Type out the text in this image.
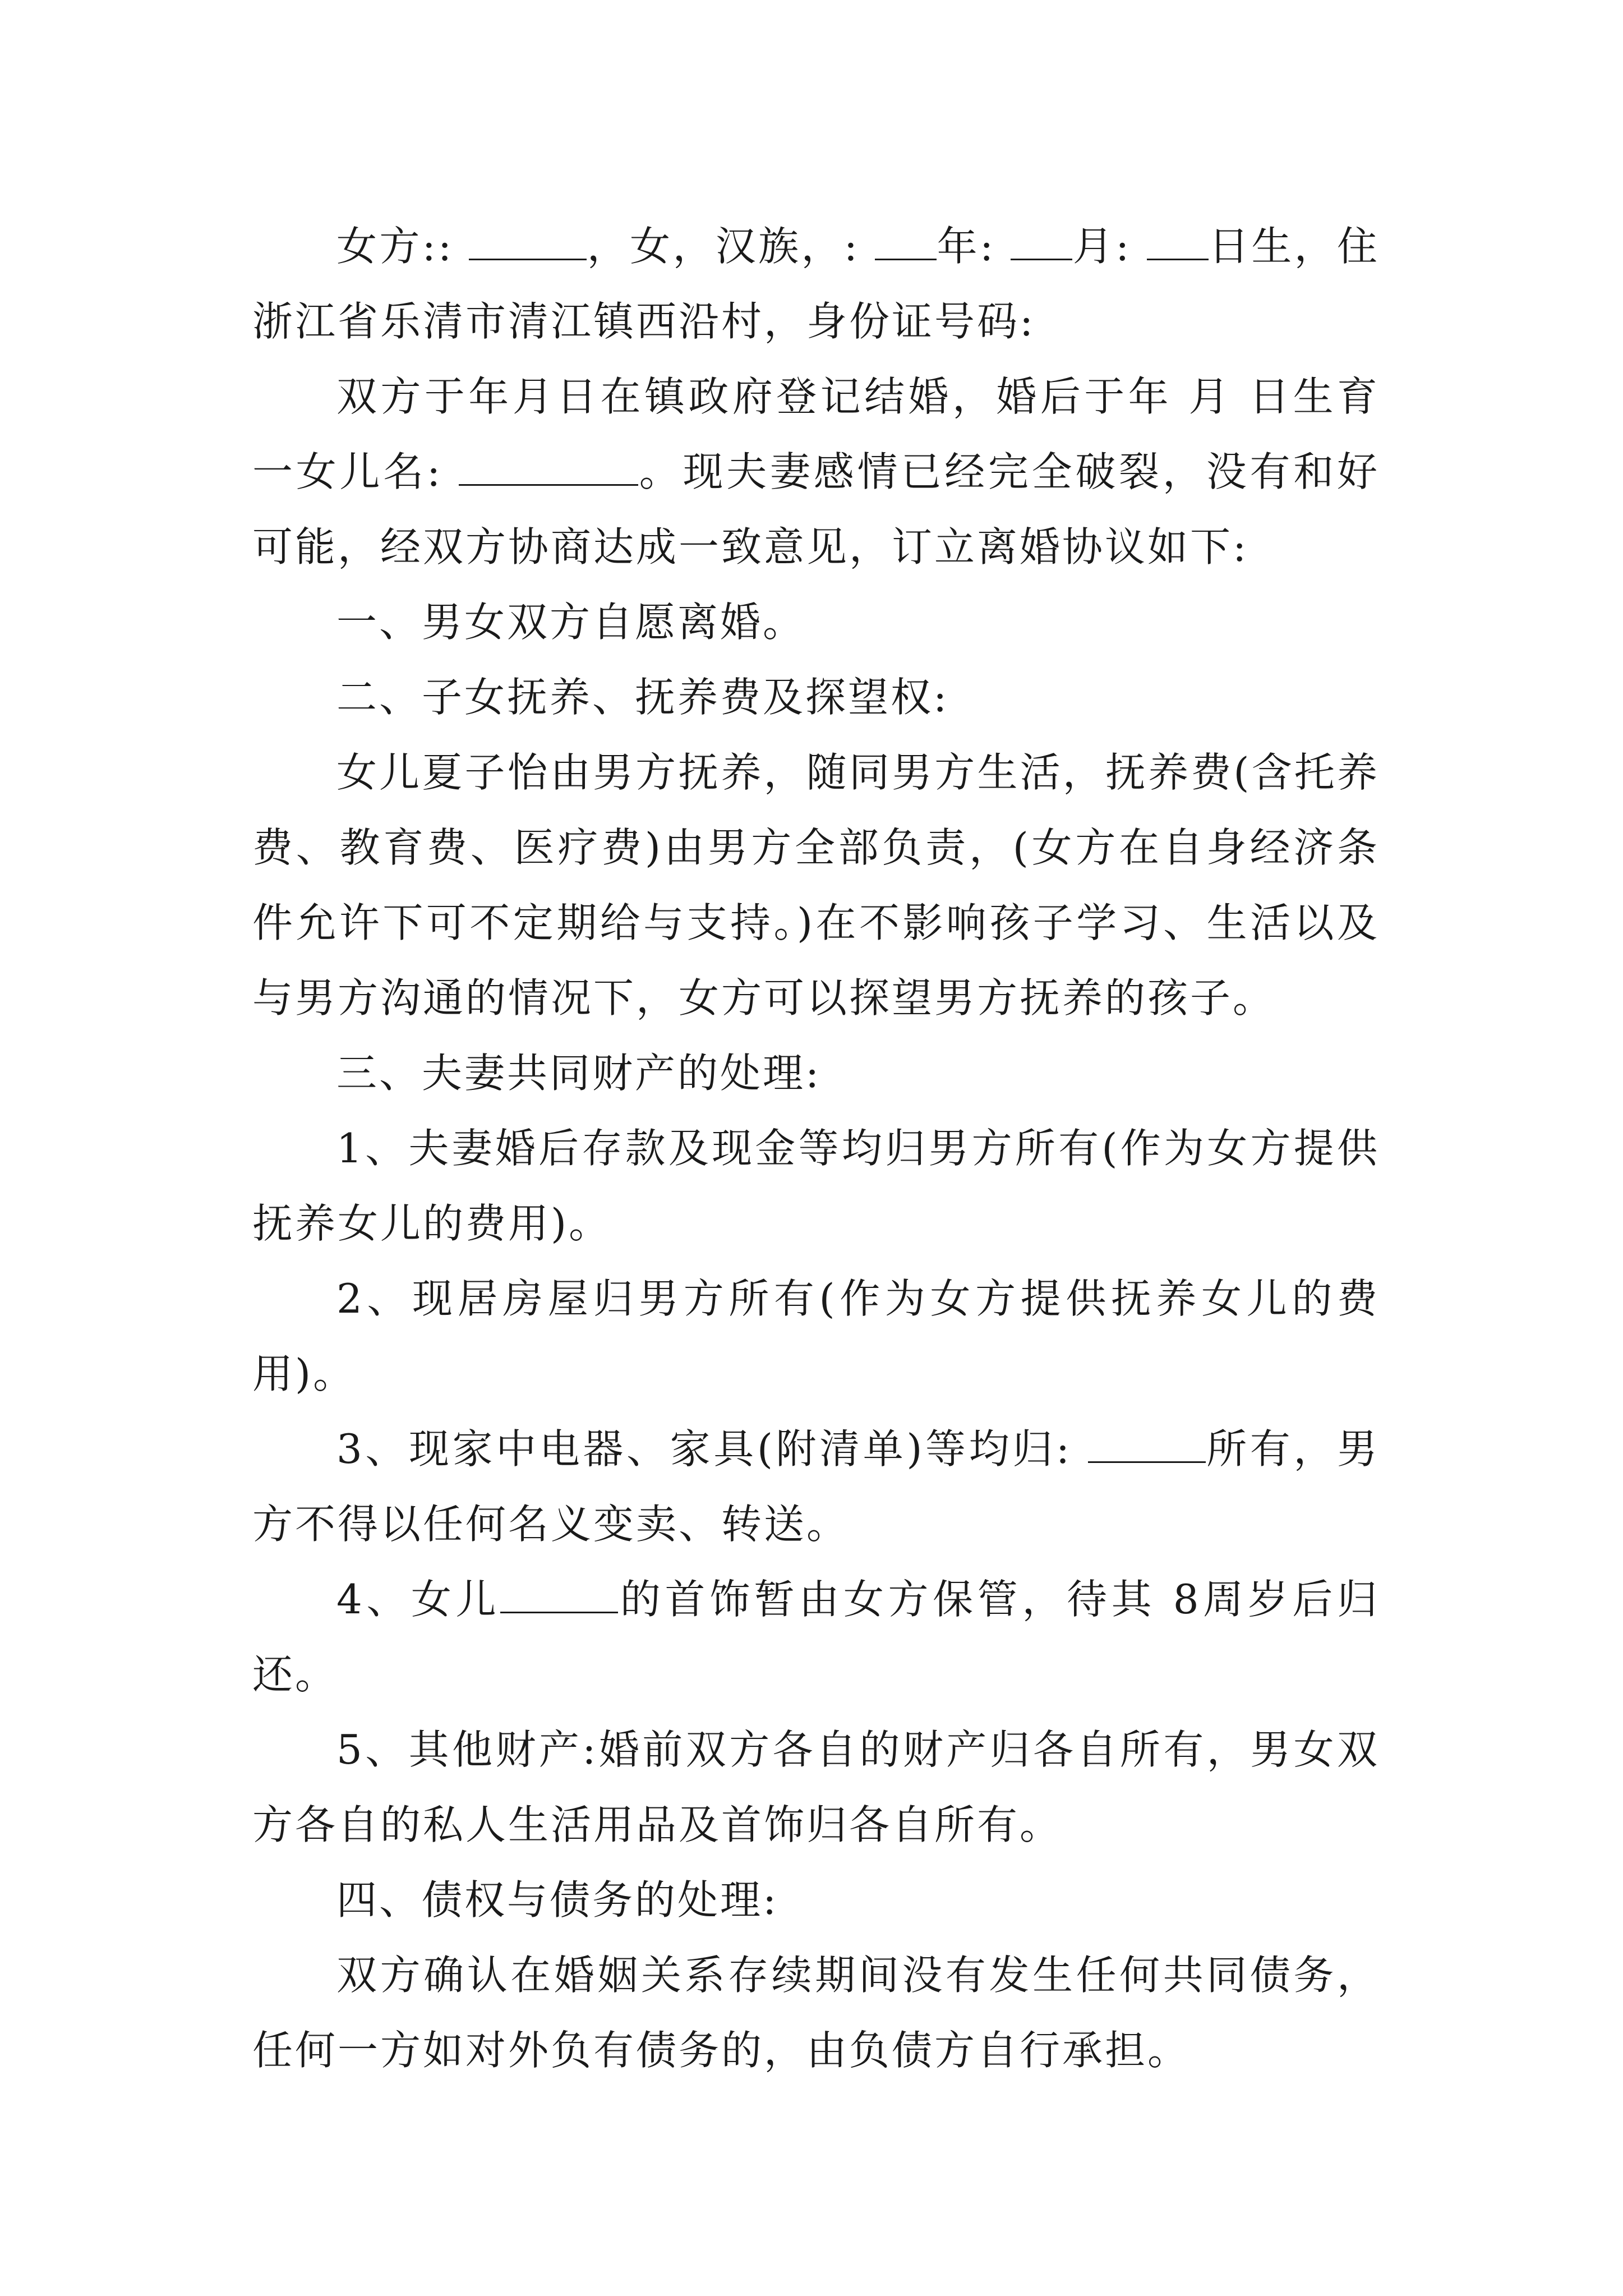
女方::	，女，汉族，: 年: 月: 日生，住浙江省乐清市清江镇西沿村，身份证号码:

双方于年月日在镇政府登记结婚，婚后于年 月 日生育一女儿名:	。现夫妻感情已经完全破裂，没有和好可能，经双方协商达成一致意见，订立离婚协议如下:

一、男女双方自愿离婚。

二、子女抚养、抚养费及探望权:

女儿夏子怡由男方抚养，随同男方生活，抚养费(含托养费、教育费、医疗费)由男方全部负责，(女方在自身经济条件允许下可不定期给与支持。)在不影响孩子学习、生活以及与男方沟通的情况下，女方可以探望男方抚养的孩子。

三、夫妻共同财产的处理:

1、夫妻婚后存款及现金等均归男方所有(作为女方提供抚养女儿的费用)。

2、现居房屋归男方所有(作为女方提供抚养女儿的费用)。

3、现家中电器、家具(附清单)等均归:	所有，男方不得以任何名义变卖、转送。

4、女儿	的首饰暂由女方保管，待其 8周岁后归还。

5、其他财产:婚前双方各自的财产归各自所有，男女双方各自的私人生活用品及首饰归各自所有。

四、债权与债务的处理:

双方确认在婚姻关系存续期间没有发生任何共同债务，任何一方如对外负有债务的，由负债方自行承担。
